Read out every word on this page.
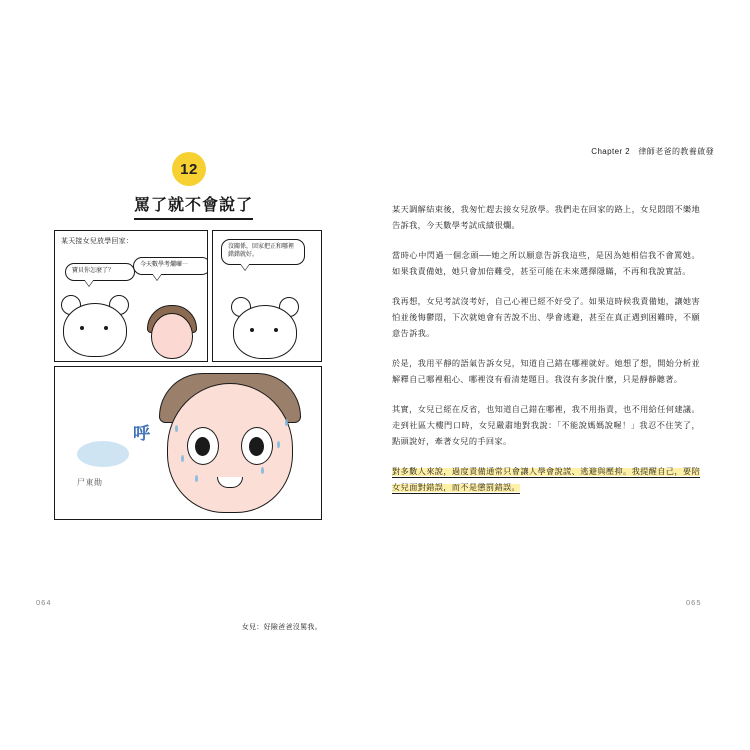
12
罵了就不會說了
某天接女兒放學回家：
寶貝你怎麼了？
今天數學考爛囉⋯
沒關係，回家把正和哪裡錯錯就好。
呼
尸東勛
女兒：好險爸爸沒罵我。
Chapter 2　律師老爸的教養啟發

某天調解結束後，我匆忙趕去接女兒放學。我們走在回家的路上，女兒悶悶不樂地告訴我，今天數學考試成績很爛。

當時心中閃過一個念頭──她之所以願意告訴我這些，是因為她相信我不會罵她。如果我責備她，她只會加倍難受，甚至可能在未來選擇隱瞞，不再和我說實話。

我再想，女兒考試沒考好，自己心裡已經不好受了。如果這時候我責備她，讓她害怕並後悔鬱悶，下次就她會有苦說不出、學會逃避，甚至在真正遇到困難時，不願意告訴我。

於是，我用平靜的語氣告訴女兒，知道自己錯在哪裡就好。她想了想，開始分析並解釋自己哪裡粗心、哪裡沒有看清楚題目。我沒有多說什麼，只是靜靜聽著。

其實，女兒已經在反省，也知道自己錯在哪裡，我不用指責，也不用給任何建議。走到社區大樓門口時，女兒嚴肅地對我說：「不能說媽媽說喔！」我忍不住笑了，點頭說好，牽著女兒的手回家。

對多數人來說，過度責備通常只會讓人學會說謊、逃避與壓抑。我提醒自己，要陪女兒面對錯誤，而不是懲罰錯誤。

064	065
